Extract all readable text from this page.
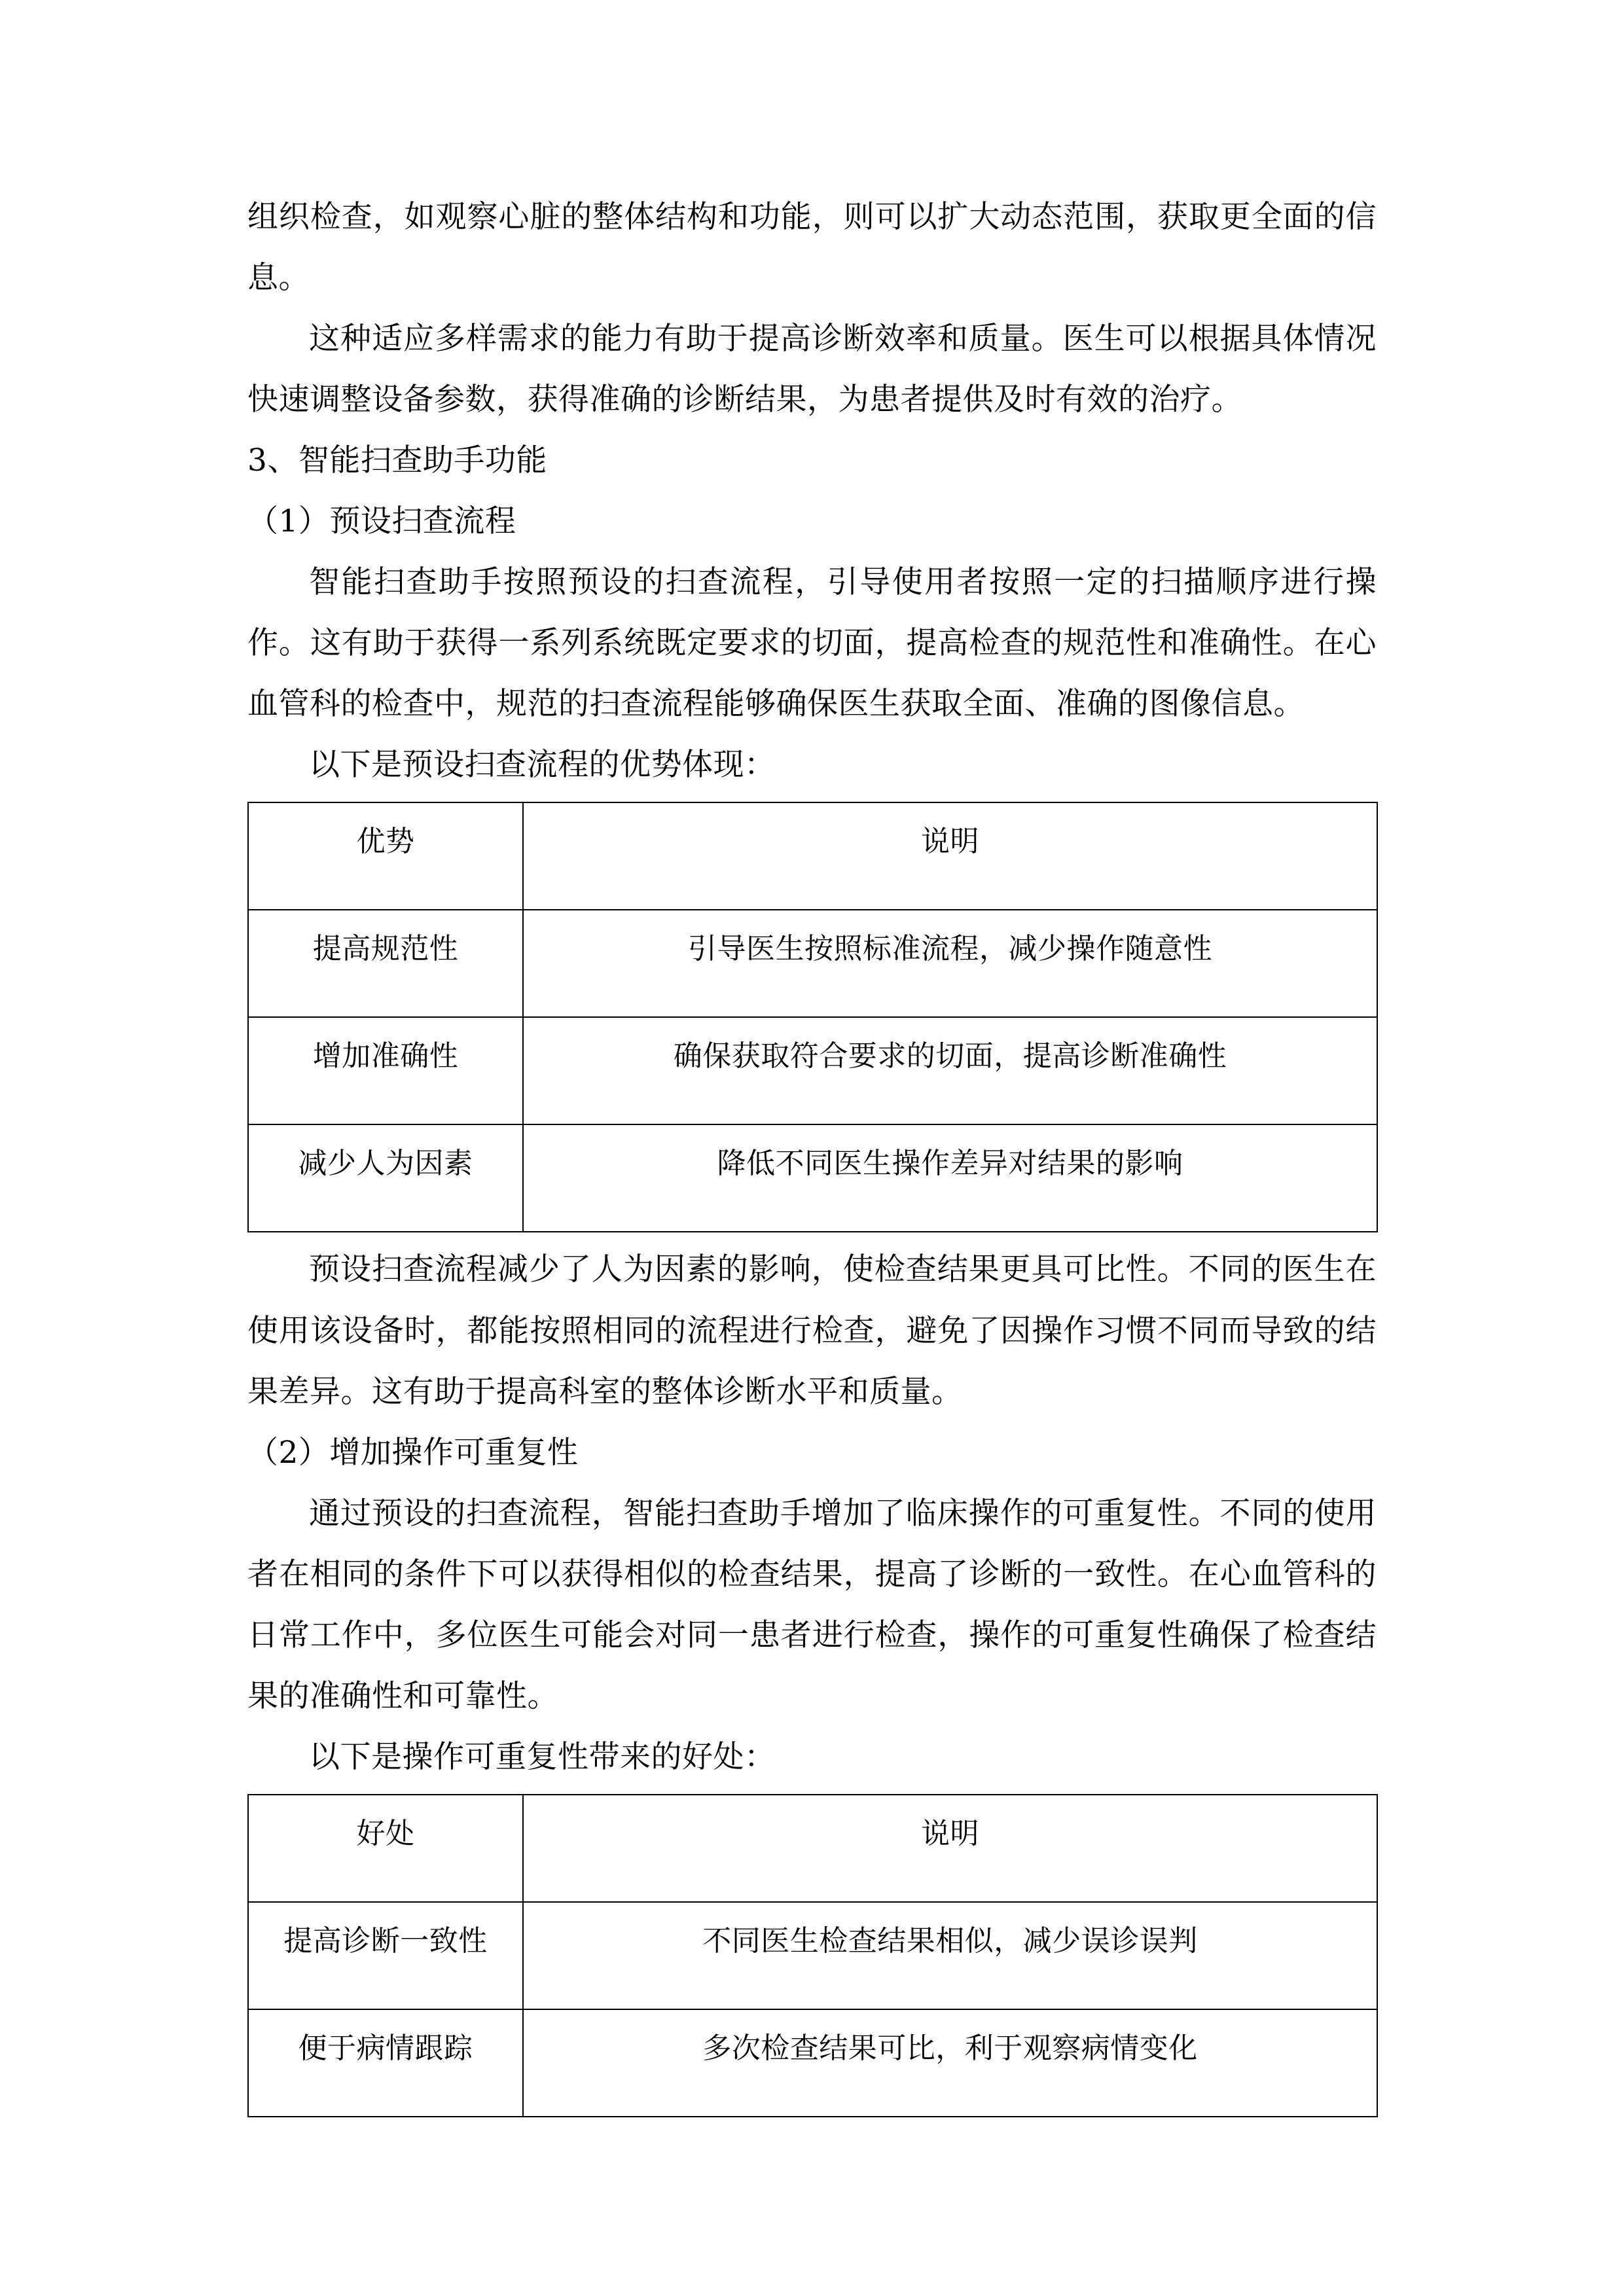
组织检查，如观察心脏的整体结构和功能，则可以扩大动态范围，获取更全面的信息。

这种适应多样需求的能力有助于提高诊断效率和质量。医生可以根据具体情况快速调整设备参数，获得准确的诊断结果，为患者提供及时有效的治疗。

3、智能扫查助手功能

（1）预设扫查流程

智能扫查助手按照预设的扫查流程，引导使用者按照一定的扫描顺序进行操作。这有助于获得一系列系统既定要求的切面，提高检查的规范性和准确性。在心血管科的检查中，规范的扫查流程能够确保医生获取全面、准确的图像信息。

以下是预设扫查流程的优势体现：

优势	说明
提高规范性	引导医生按照标准流程，减少操作随意性
增加准确性	确保获取符合要求的切面，提高诊断准确性
减少人为因素	降低不同医生操作差异对结果的影响

预设扫查流程减少了人为因素的影响，使检查结果更具可比性。不同的医生在使用该设备时，都能按照相同的流程进行检查，避免了因操作习惯不同而导致的结果差异。这有助于提高科室的整体诊断水平和质量。

（2）增加操作可重复性

通过预设的扫查流程，智能扫查助手增加了临床操作的可重复性。不同的使用者在相同的条件下可以获得相似的检查结果，提高了诊断的一致性。在心血管科的日常工作中，多位医生可能会对同一患者进行检查，操作的可重复性确保了检查结果的准确性和可靠性。

以下是操作可重复性带来的好处：

好处	说明
提高诊断一致性	不同医生检查结果相似，减少误诊误判
便于病情跟踪	多次检查结果可比，利于观察病情变化
